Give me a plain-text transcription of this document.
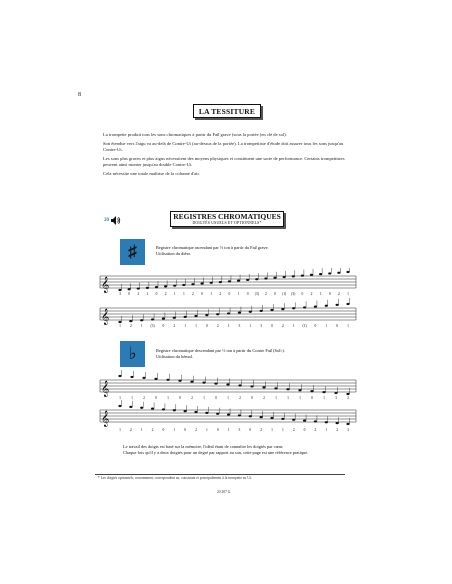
8
LA TESSITURE
La trompette produit tous les sons chromatiques à partir du Fa♯ grave (sous la portée (en clé de sol).
Son étendue vers l'aigu va au-delà de Contre-Ut (au-dessus de la portée). La trompettiste d'étude doit assurer tous les sons jusqu'au Contre-Ut.
Les sons plus graves et plus aigus nécessitent des moyens physiques et constituent une sorte de performance. Certains trompettistes peuvent ainsi monter jusqu'au double Contre-Ut.
Cela nécessite une totale maîtrise de la colonne d'air.
20	REGISTRES CHROMATIQUES
DOIGTÉS USUELS ET OPTIONNELS*
♯	Registre chromatique ascendant par ½ ton à partir du Fa♯ grave.
Utilisation du dièse.
𝄞
3 0 2 1 0 2 1 1 2 0 1 2 0 1 0 (3) 2 0 (1) (3) 0 2 1 0 2 1
𝄞
1	2	1 (3) 0	2	1	1	0	2	1	3	1	3	0	2	1 (1) 0	1	0	1
♭	Registre chromatique descendant par ½ ton à partir du Contre Fa♯ (Sol♭).
Utilisation du bémol.
𝄞
1	1	2	0	1	0	2	1	0	1	2	0	2	1	1	1	0	1	3	2
𝄞
1	2	1	2	0	1	0	2	1	0	1	3	0	2	1	1	2	0	2	1	2	3
Le travail des doigts est basé sur la mémoire, l'idéal étant de connaître les doigtés par cœur.
Chaque fois qu'il y a deux doigtés pour un degré par rapport au son, cette page est une référence pratique.
* Les doigtés optionnels, couramment, correspondent au, consistant et principalement à la trompette en Ut.
20 287 G.
